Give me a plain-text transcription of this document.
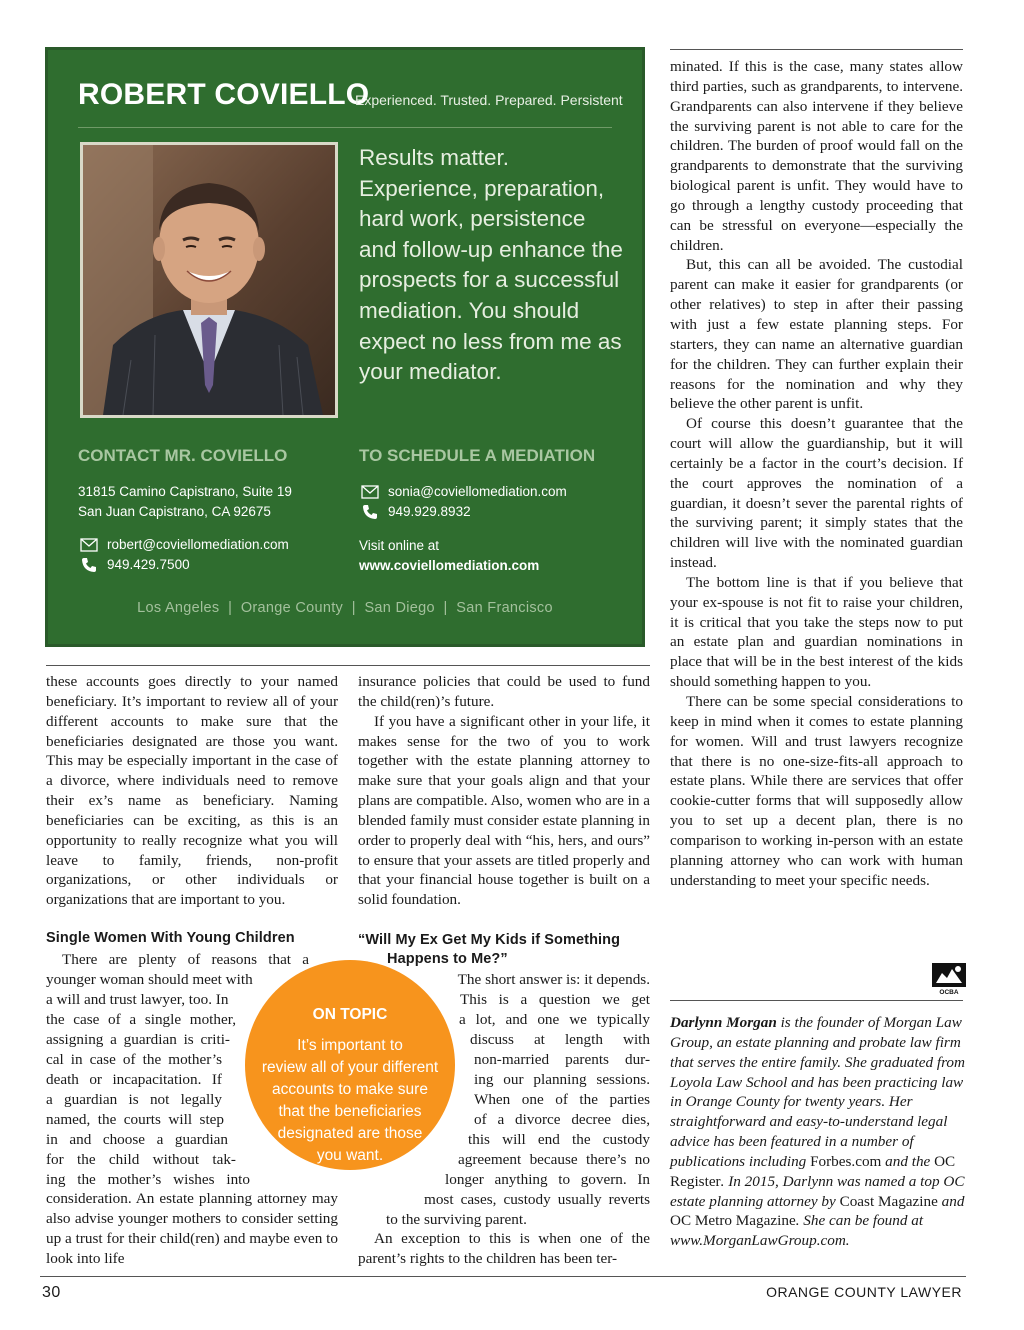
ROBERT COVIELLO
Experienced. Trusted. Prepared. Persistent
Results matter. Experience, preparation, hard work, persistence and follow-up enhance the prospects for a successful mediation. You should expect no less from me as your mediator.
CONTACT MR. COVIELLO
31815 Camino Capistrano, Suite 19
San Juan Capistrano, CA 92675
robert@coviellomediation.com
949.429.7500
TO SCHEDULE A MEDIATION
sonia@coviellomediation.com
949.929.8932
Visit online at
www.coviellomediation.com
Los Angeles  |  Orange County  |  San Diego  |  San Francisco

these accounts goes directly to your named beneficiary. It’s important to review all of your different accounts to make sure that the beneficiaries designated are those you want. This may be especially important in the case of a divorce, where individuals need to remove their ex’s name as beneficiary. Naming beneficiaries can be exciting, as this is an opportunity to really recognize what you will leave to family, friends, non-profit organizations, or other individuals or organizations that are important to you.

Single Women With Young Children
There are plenty of reasons that a
younger woman should meet with
a will and trust lawyer, too. In
the case of a single mother,
assigning a guardian is criti-
cal in case of the mother’s
death or incapacitation. If
a guardian is not legally
named, the courts will step
in and choose a guardian
for the child without tak-
ing the mother’s wishes into

consideration. An estate planning attorney may also advise younger mothers to consider setting up a trust for their child(ren) and maybe even to look into life

insurance policies that could be used to fund the child(ren)’s future.

If you have a significant other in your life, it makes sense for the two of you to work together with the estate planning attorney to make sure that your goals align and that your plans are compatible. Also, women who are in a blended family must consider estate planning in order to properly deal with “his, hers, and ours” to ensure that your assets are titled properly and that your financial house together is built on a solid foundation.

“Will My Ex Get My Kids if Something
Happens to Me?”
The short answer is: it depends.
This is a question we get
a lot, and one we typically
discuss at length with
non-married parents dur-
ing our planning sessions.
When one of the parties
of a divorce decree dies,
this will end the custody
agreement because there’s no
longer anything to govern. In
most cases, custody usually reverts
to the surviving parent.

An exception to this is when one of the parent’s rights to the children has been ter-

ON TOPIC
It’s important to
review all of your different
accounts to make sure
that the beneficiaries
designated are those
you want.

minated. If this is the case, many states allow third parties, such as grandparents, to intervene. Grandparents can also intervene if they believe the surviving parent is not able to care for the children. The burden of proof would fall on the grandparents to demonstrate that the surviving biological parent is unfit. They would have to go through a lengthy custody proceeding that can be stressful on everyone—especially the children.

But, this can all be avoided. The custodial parent can make it easier for grandparents (or other relatives) to step in after their passing with just a few estate planning steps. For starters, they can name an alternative guardian for the children. They can further explain their reasons for the nomination and why they believe the other parent is unfit.

Of course this doesn’t guarantee that the court will allow the guardianship, but it will certainly be a factor in the court’s decision. If the court approves the nomination of a guardian, it doesn’t sever the parental rights of the surviving parent; it simply states that the children will live with the nominated guardian instead.

The bottom line is that if you believe that your ex-spouse is not fit to raise your children, it is critical that you take the steps now to put an estate plan and guardian nominations in place that will be in the best interest of the kids should something happen to you.

There can be some special considerations to keep in mind when it comes to estate planning for women. Will and trust lawyers recognize that there is no one-size-fits-all approach to estate plans. While there are services that offer cookie-cutter forms that will supposedly allow you to set up a decent plan, there is no comparison to working in-person with an estate planning attorney who can work with human understanding to meet your specific needs.

OCBA
Darlynn Morgan is the founder of Morgan Law Group, an estate planning and probate law firm that serves the entire family. She graduated from Loyola Law School and has been practicing law in Orange County for twenty years. Her straightforward and easy-to-understand legal advice has been featured in a number of publications including Forbes.com and the OC Register. In 2015, Darlynn was named a top OC estate planning attorney by Coast Magazine and OC Metro Magazine. She can be found at www.MorganLawGroup.com.
30	ORANGE COUNTY LAWYER
